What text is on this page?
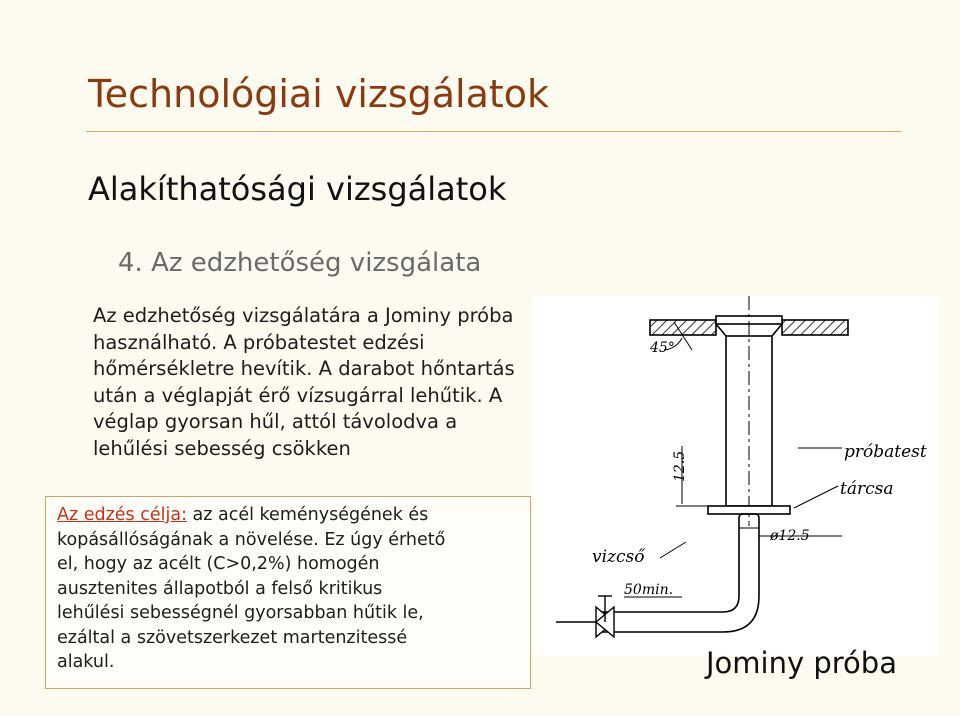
Technológiai vizsgálatok
Alakíthatósági vizsgálatok
4. Az edzhetőség vizsgálata
Az edzhetőség vizsgálatára a Jominy próba
használható. A próbatestet edzési
hőmérsékletre hevítik. A darabot hőntartás
után a véglapját érő vízsugárral lehűtik. A
véglap gyorsan hűl, attól távolodva a
lehűlési sebesség csökken
Az edzés célja: az acél keménységének és
kopásállóságának a növelése. Ez úgy érhető
el, hogy az acélt (C>0,2%) homogén
ausztenites állapotból a felső kritikus
lehűlési sebességnél gyorsabban hűtik le,
ezáltal a szövetszerkezet martenzitessé
alakul.
45°
12.5	próbatest
tárcsa
ø12.5
vizcső
50min.
Jominy próba
